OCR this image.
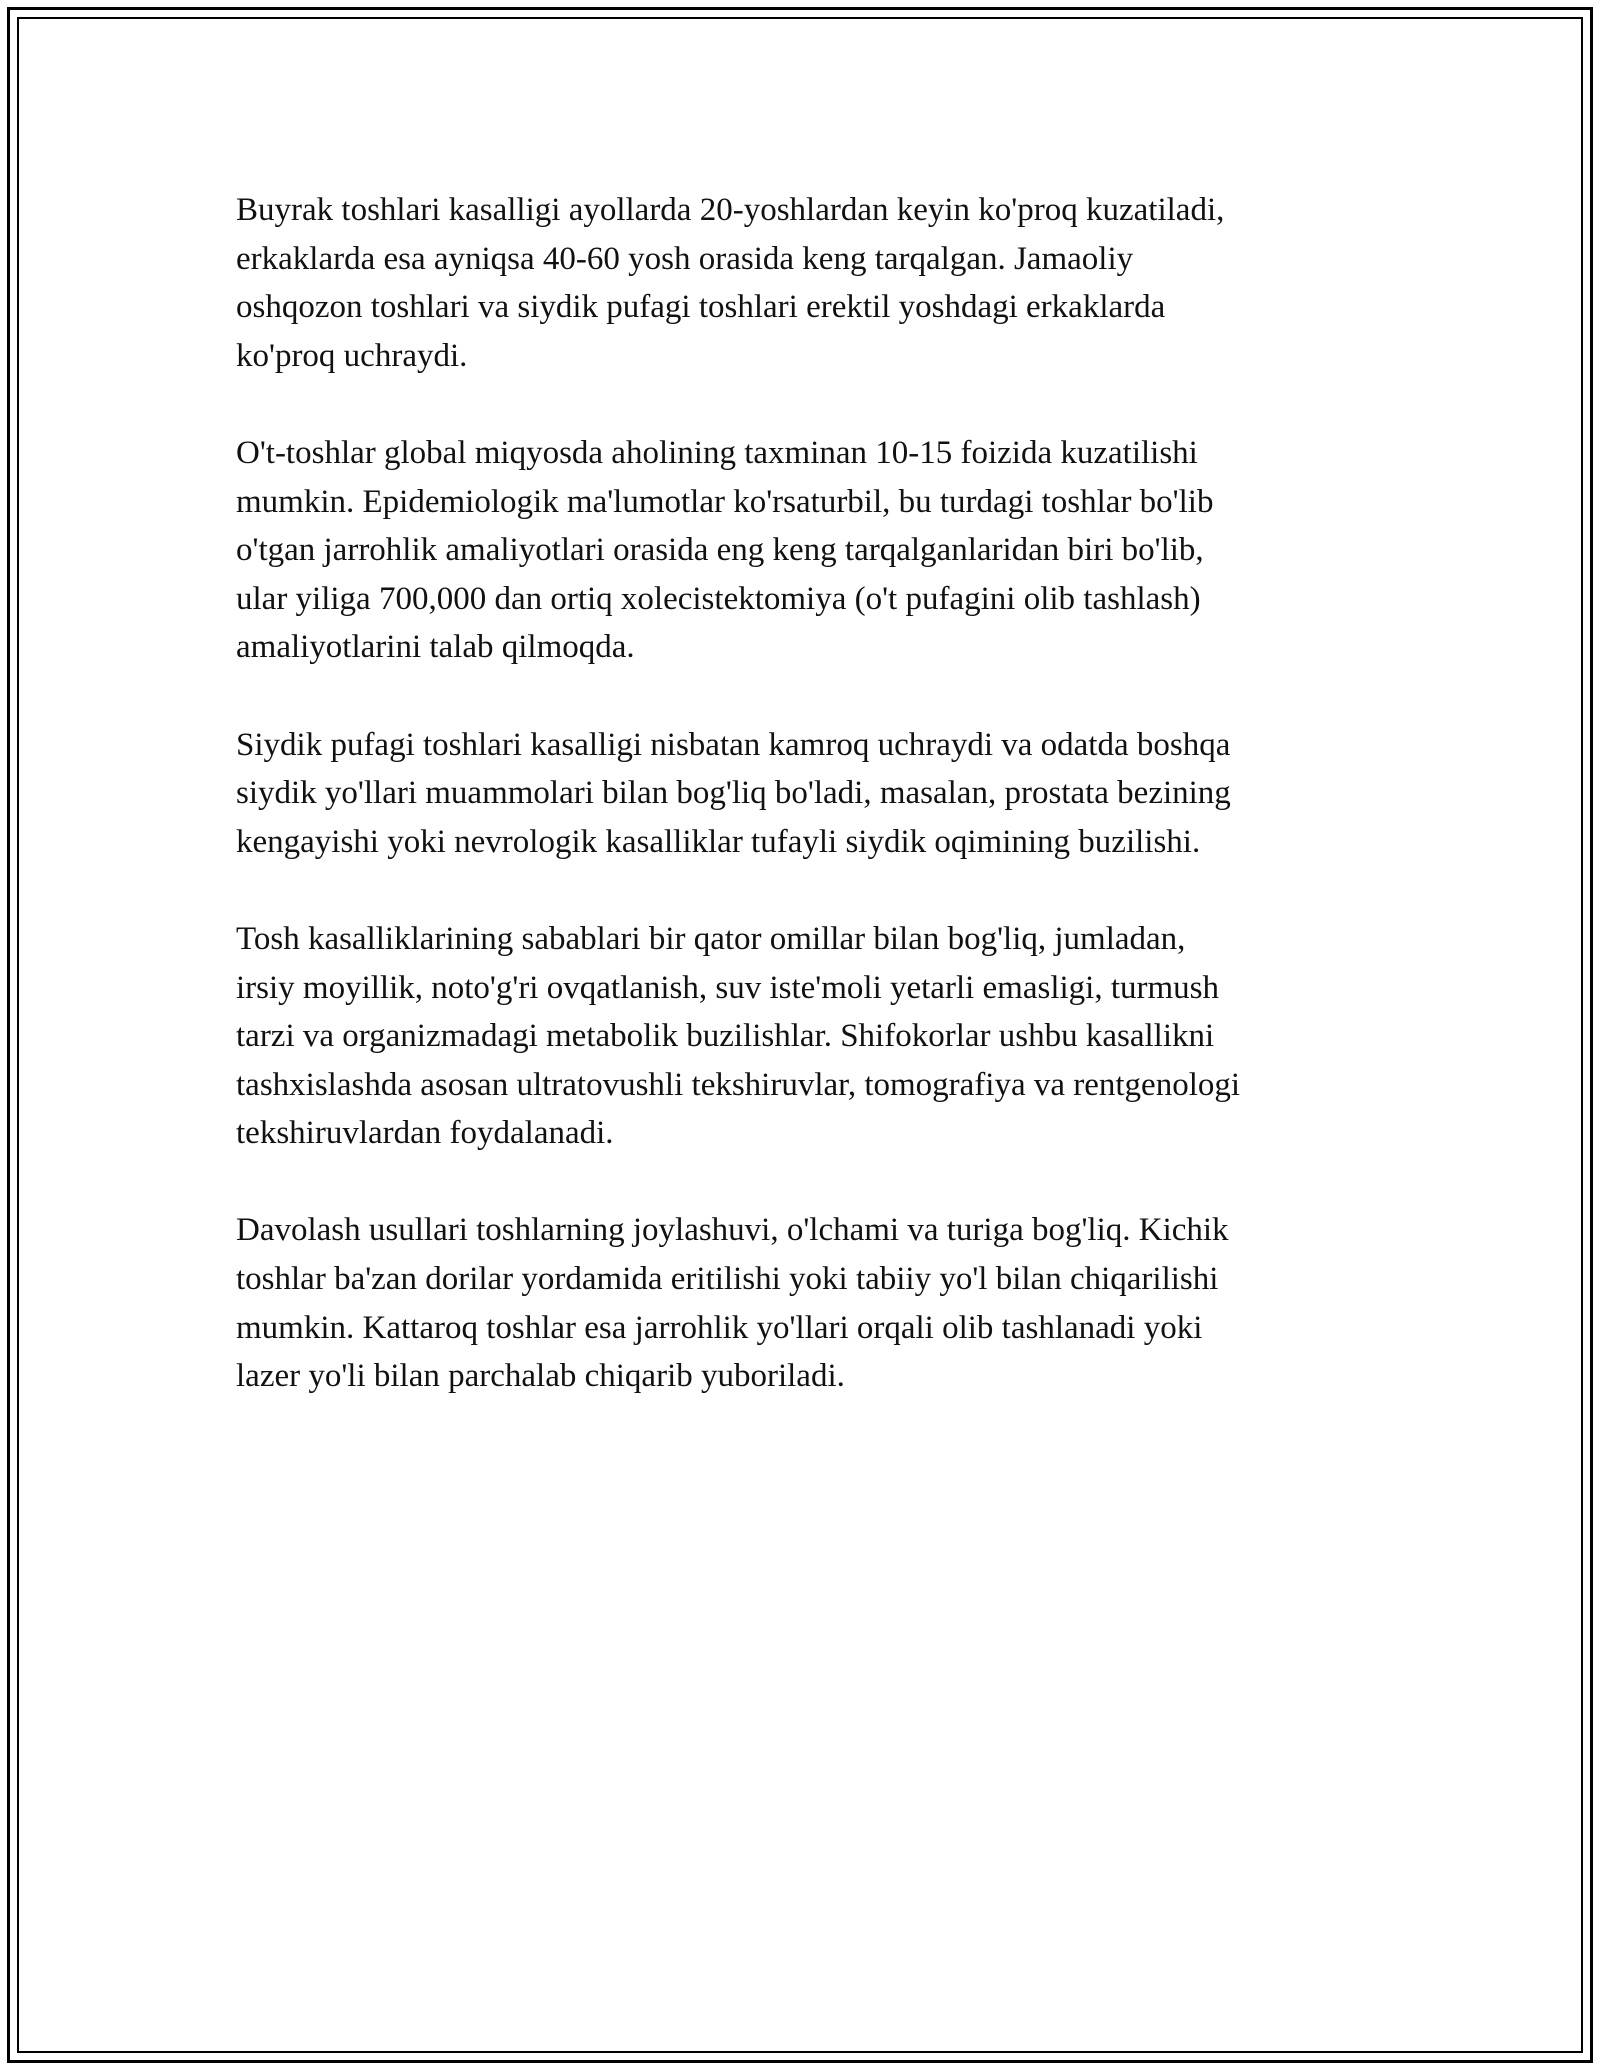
Buyrak toshlari kasalligi ayollarda 20-yoshlardan keyin ko'proq kuzatiladi,
erkaklarda esa ayniqsa 40-60 yosh orasida keng tarqalgan. Jamaoliy
oshqozon toshlari va siydik pufagi toshlari erektil yoshdagi erkaklarda
ko'proq uchraydi.

O't-toshlar global miqyosda aholining taxminan 10-15 foizida kuzatilishi
mumkin. Epidemiologik ma'lumotlar ko'rsaturbil, bu turdagi toshlar bo'lib
o'tgan jarrohlik amaliyotlari orasida eng keng tarqalganlaridan biri bo'lib,
ular yiliga 700,000 dan ortiq xolecistektomiya (o't pufagini olib tashlash)
amaliyotlarini talab qilmoqda.

Siydik pufagi toshlari kasalligi nisbatan kamroq uchraydi va odatda boshqa
siydik yo'llari muammolari bilan bog'liq bo'ladi, masalan, prostata bezining
kengayishi yoki nevrologik kasalliklar tufayli siydik oqimining buzilishi.

Tosh kasalliklarining sabablari bir qator omillar bilan bog'liq, jumladan,
irsiy moyillik, noto'g'ri ovqatlanish, suv iste'moli yetarli emasligi, turmush
tarzi va organizmadagi metabolik buzilishlar. Shifokorlar ushbu kasallikni
tashxislashda asosan ultratovushli tekshiruvlar, tomografiya va rentgenologi
tekshiruvlardan foydalanadi.

Davolash usullari toshlarning joylashuvi, o'lchami va turiga bog'liq. Kichik
toshlar ba'zan dorilar yordamida eritilishi yoki tabiiy yo'l bilan chiqarilishi
mumkin. Kattaroq toshlar esa jarrohlik yo'llari orqali olib tashlanadi yoki
lazer yo'li bilan parchalab chiqarib yuboriladi.
